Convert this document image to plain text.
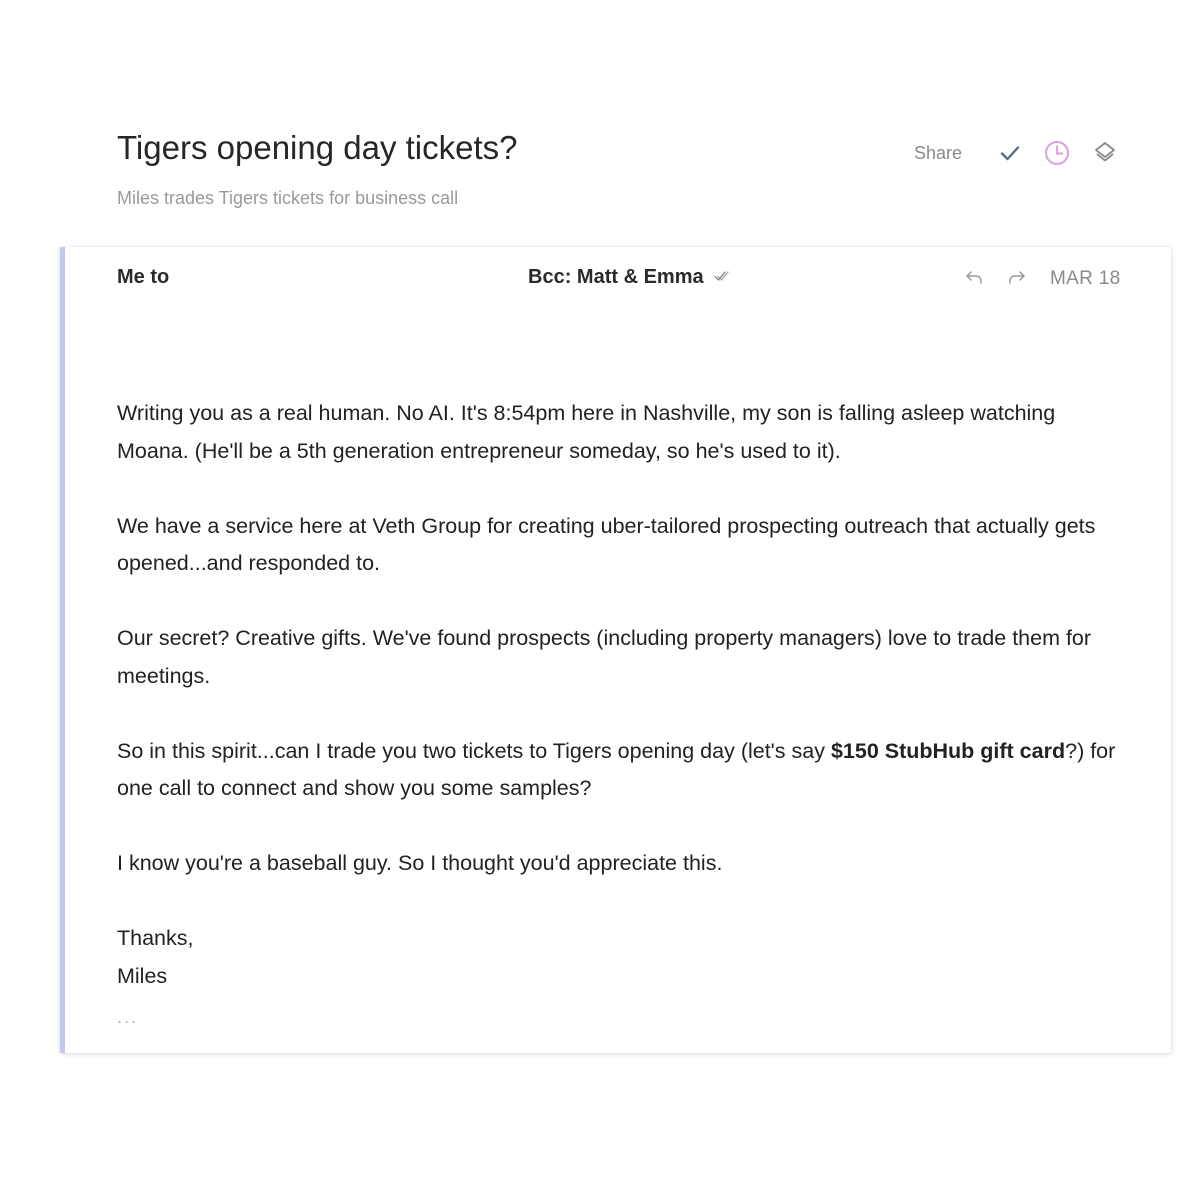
Tigers opening day tickets?
Miles trades Tigers tickets for business call
Share
Me to	Bcc: Matt & Emma	MAR 18

Writing you as a real human. No AI. It's 8:54pm here in Nashville, my son is falling asleep watching Moana. (He'll be a 5th generation entrepreneur someday, so he's used to it).

We have a service here at Veth Group for creating uber-tailored prospecting outreach that actually gets opened...and responded to.

Our secret? Creative gifts. We've found prospects (including property managers) love to trade them for meetings.

So in this spirit...can I trade you two tickets to Tigers opening day (let's say $150 StubHub gift card?) for one call to connect and show you some samples?

I know you're a baseball guy. So I thought you'd appreciate this.

Thanks,

Miles

...
